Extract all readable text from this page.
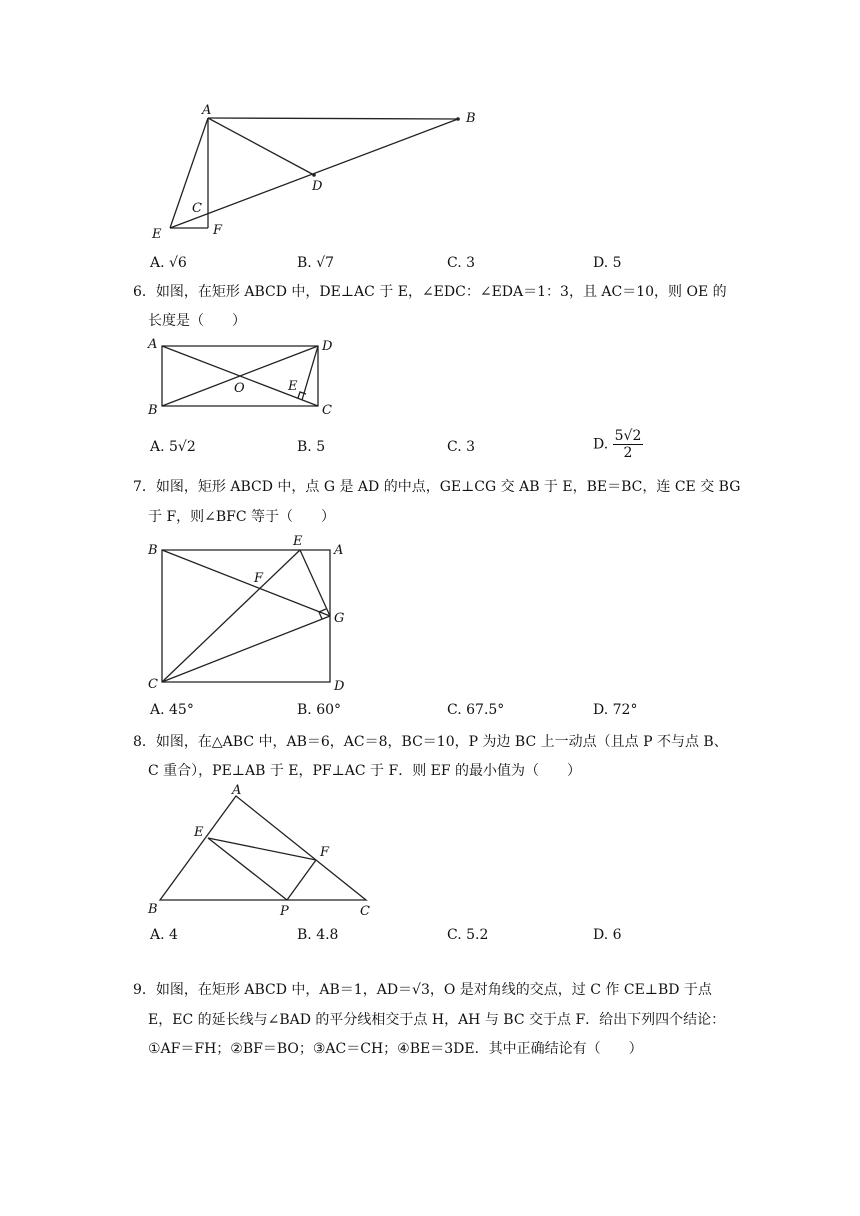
A
B
D
C
E	F
A. √6	B. √7	C. 3	D. 5
6．如图，在矩形 ABCD 中，DE⊥AC 于 E，∠EDC：∠EDA＝1：3，且 AC＝10，则 OE 的
长度是（　　）
A	D
B	C
O	E
A. 5√2	B. 5	C. 3	D. $\frac{5√2}{2}$
7．如图，矩形 ABCD 中，点 G 是 AD 的中点，GE⊥CG 交 AB 于 E，BE＝BC，连 CE 交 BG
于 F，则∠BFC 等于（　　）
B
E
A
F
G
C	D
A. 45°	B. 60°	C. 67.5°	D. 72°
8．如图，在△ABC 中，AB＝6，AC＝8，BC＝10，P 为边 BC 上一动点（且点 P 不与点 B、
C 重合），PE⊥AB 于 E，PF⊥AC 于 F．则 EF 的最小值为（　　）
A
E
F
B	P	C
A. 4	B. 4.8	C. 5.2	D. 6
9．如图，在矩形 ABCD 中，AB＝1，AD＝√3，O 是对角线的交点，过 C 作 CE⊥BD 于点
E，EC 的延长线与∠BAD 的平分线相交于点 H，AH 与 BC 交于点 F．给出下列四个结论：
①AF＝FH；②BF＝BO；③AC＝CH；④BE＝3DE．其中正确结论有（　　）
